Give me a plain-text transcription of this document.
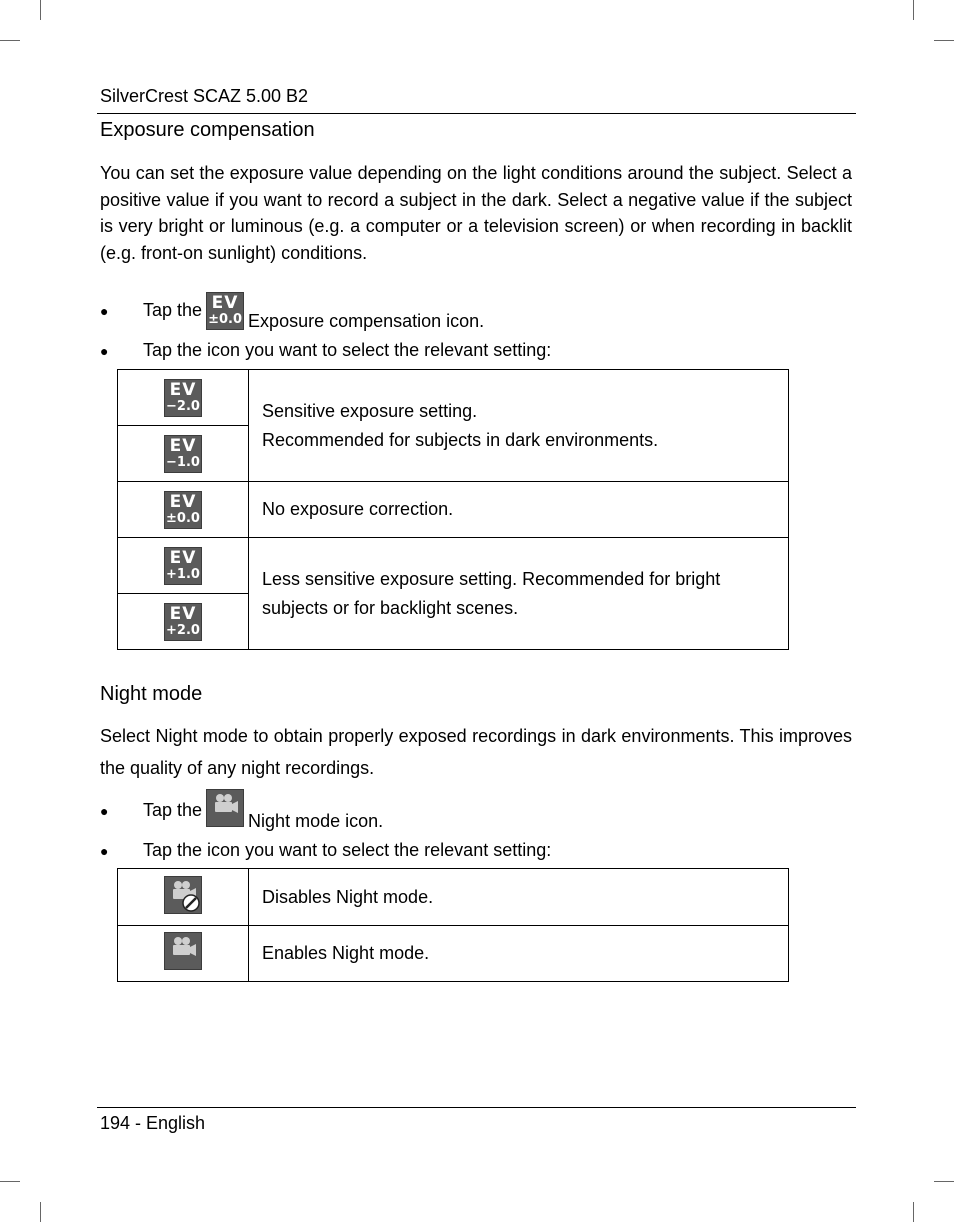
SilverCrest SCAZ 5.00 B2
Exposure compensation
You can set the exposure value depending on the light conditions around the subject. Select a positive value if you want to record a subject in the dark. Select a negative value if the subject is very bright or luminous (e.g. a computer or a television screen) or when recording in backlit (e.g. front-on sunlight) conditions.
●	Tap the EV
±0.0 Exposure compensation icon.
●	Tap the icon you want to select the relevant setting:
EV
−2.0	Sensitive exposure setting.
Recommended for subjects in dark environments.

EV
−1.0	

EV
±0.0	No exposure correction.

EV
+1.0	Less sensitive exposure setting. Recommended for bright
subjects or for backlight scenes.

EV
+2.0	
Night mode
Select Night mode to obtain properly exposed recordings in dark environments. This improves the quality of any night recordings.
●	Tap the
Night mode icon.
●	Tap the icon you want to select the relevant setting:
	Disables Night mode.
	Enables Night mode.
194 - English
